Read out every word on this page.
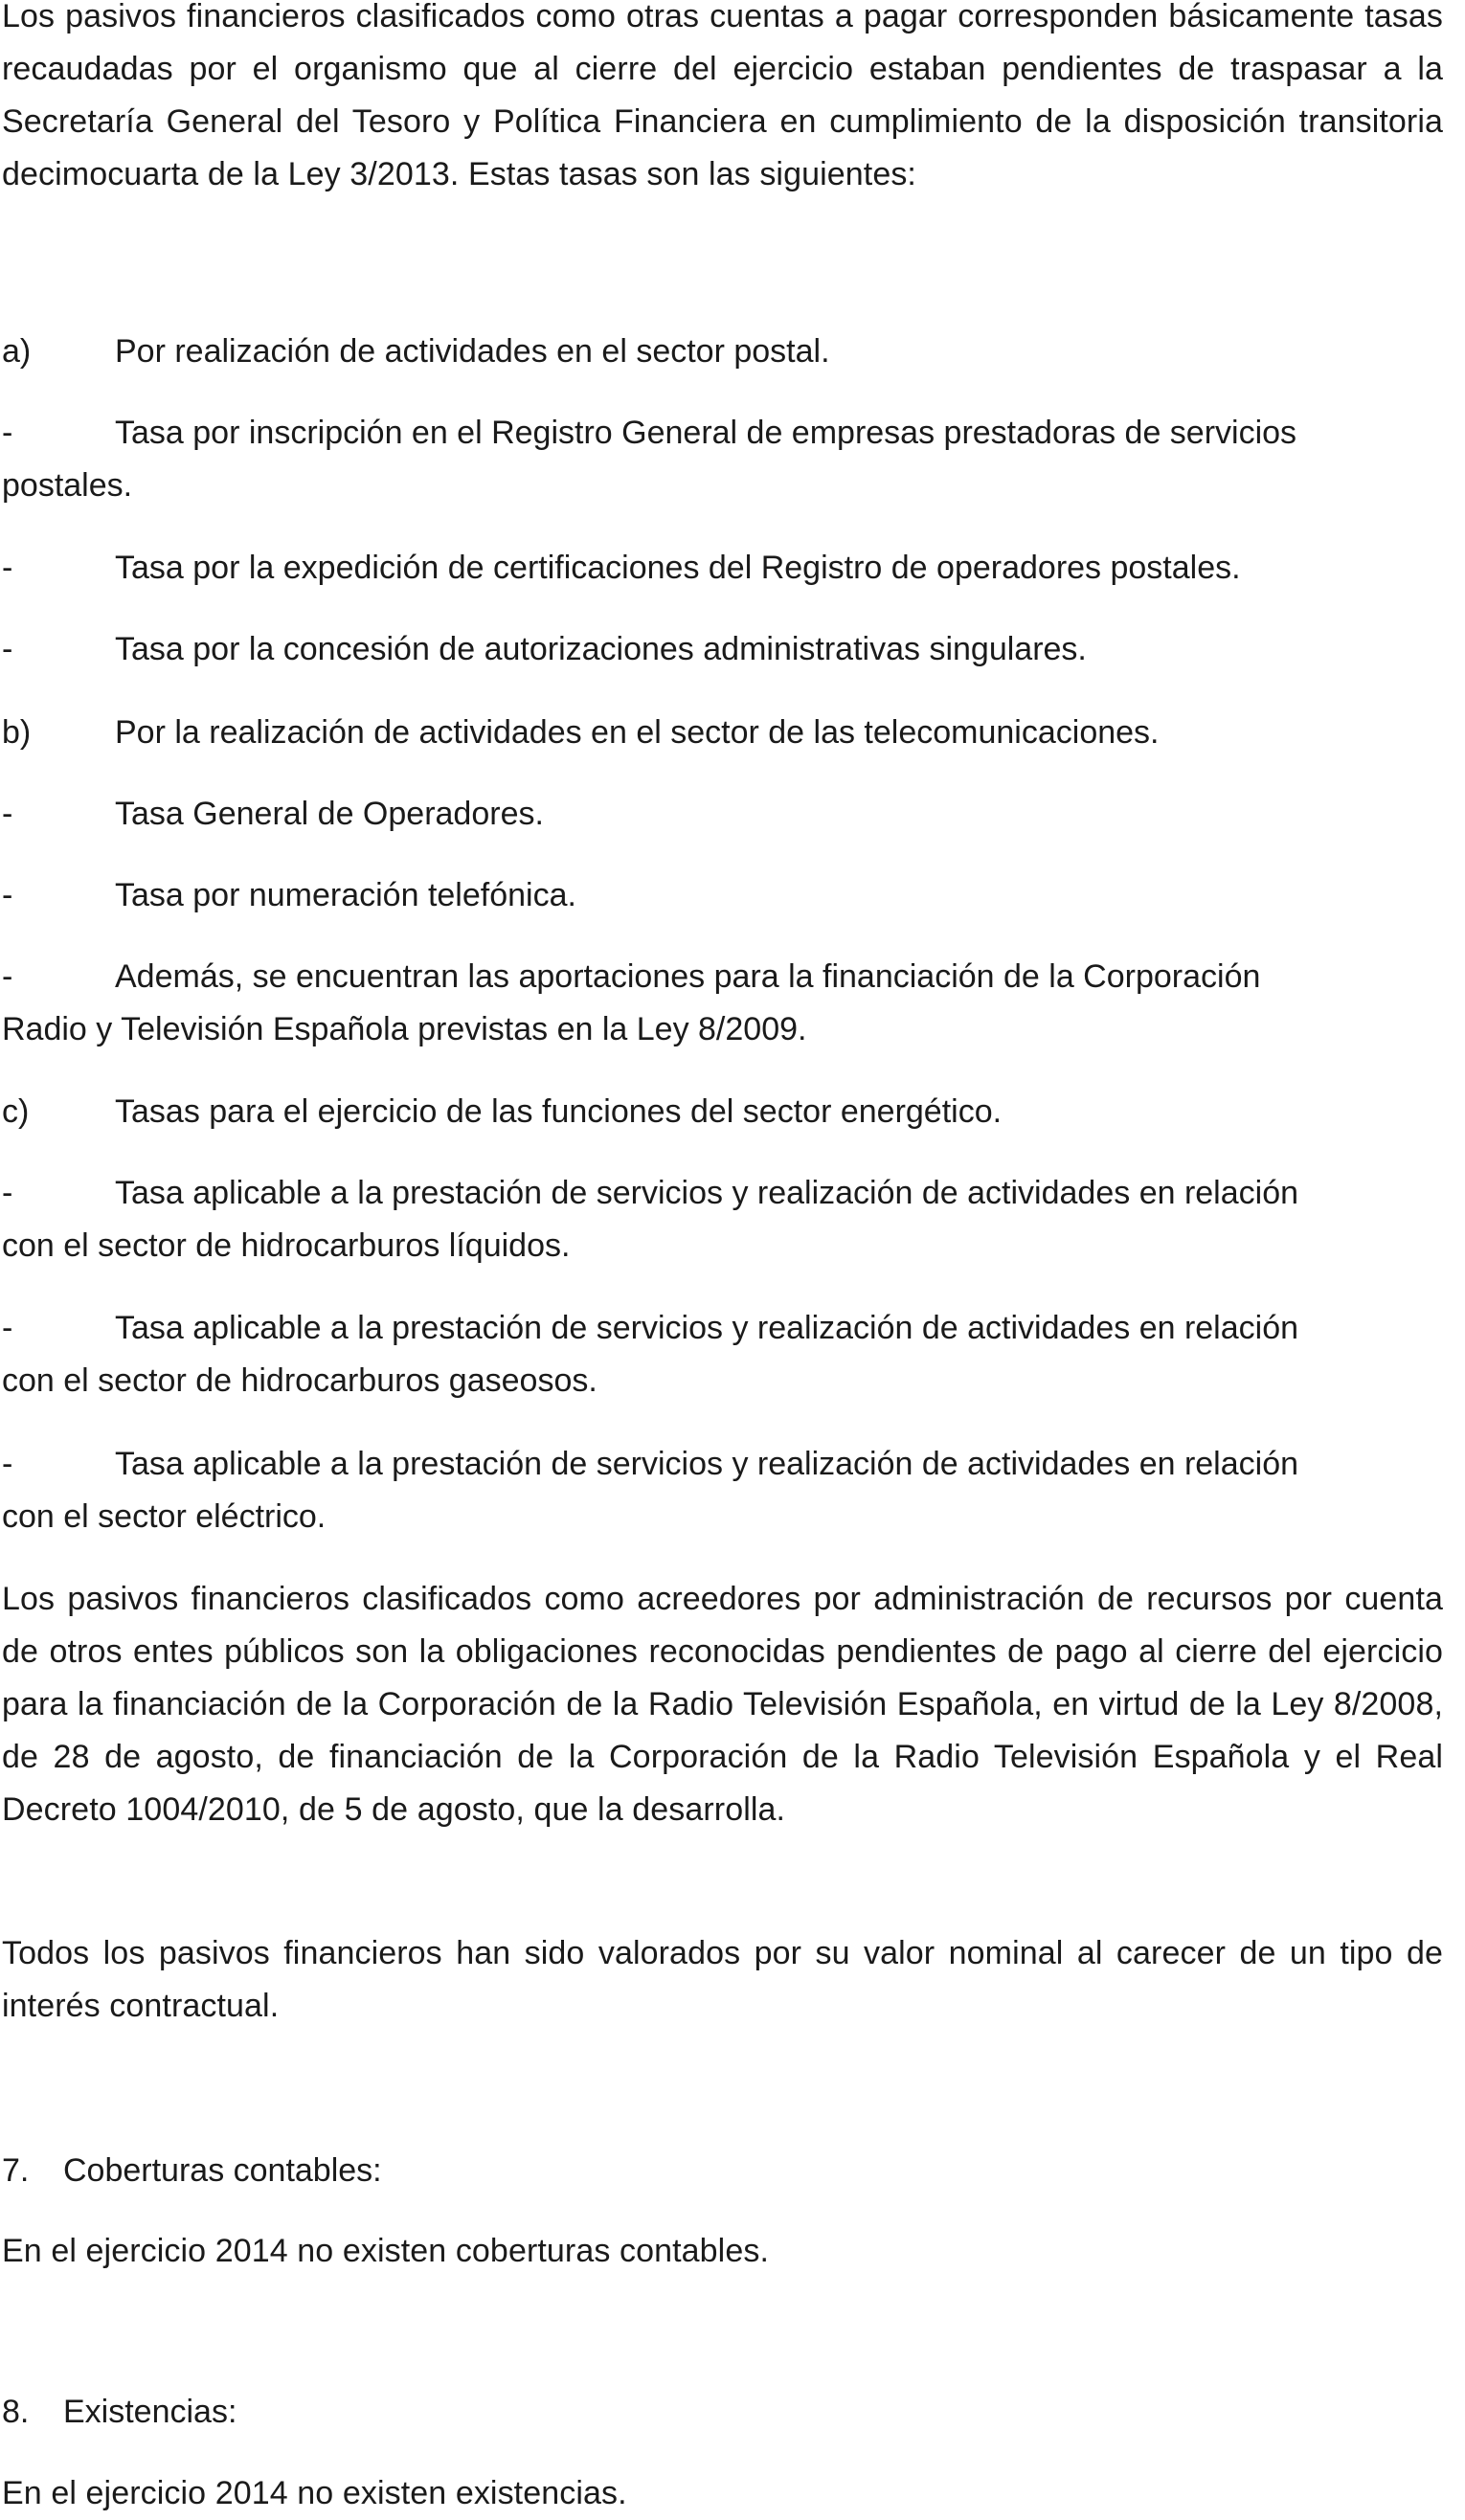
Los pasivos financieros clasificados como otras cuentas a pagar corresponden básicamente tasas recaudadas por el organismo que al cierre del ejercicio estaban pendientes de traspasar a la Secretaría General del Tesoro y Política Financiera en cumplimiento de la disposición transitoria decimocuarta de la Ley 3/2013. Estas tasas son las siguientes:

a)	Por realización de actividades en el sector postal.
-	Tasa por inscripción en el Registro General de empresas prestadoras de servicios
postales.
-	Tasa por la expedición de certificaciones del Registro de operadores postales.
-	Tasa por la concesión de autorizaciones administrativas singulares.
b)	Por la realización de actividades en el sector de las telecomunicaciones.
-	Tasa General de Operadores.
-	Tasa por numeración telefónica.
-	Además, se encuentran las aportaciones para la financiación de la Corporación
Radio y Televisión Española previstas en la Ley 8/2009.
c)	Tasas para el ejercicio de las funciones del sector energético.
-	Tasa aplicable a la prestación de servicios y realización de actividades en relación
con el sector de hidrocarburos líquidos.
-	Tasa aplicable a la prestación de servicios y realización de actividades en relación
con el sector de hidrocarburos gaseosos.
-	Tasa aplicable a la prestación de servicios y realización de actividades en relación
con el sector eléctrico.

Los pasivos financieros clasificados como acreedores por administración de recursos por cuenta de otros entes públicos son la obligaciones reconocidas pendientes de pago al cierre del ejercicio para la financiación de la Corporación de la Radio Televisión Española, en virtud de la Ley 8/2008, de 28 de agosto, de financiación de la Corporación de la Radio Televisión Española y el Real Decreto 1004/2010, de 5 de agosto, que la desarrolla.

Todos los pasivos financieros han sido valorados por su valor nominal al carecer de un tipo de interés contractual.

7. Coberturas contables:

En el ejercicio 2014 no existen coberturas contables.

8. Existencias:

En el ejercicio 2014 no existen existencias.
